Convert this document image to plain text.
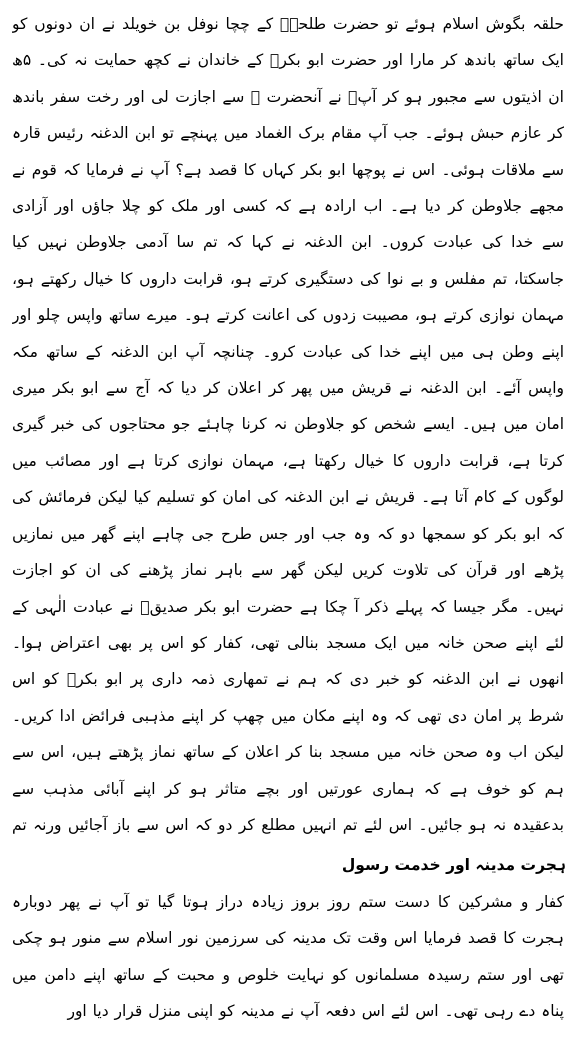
حلقہ بگوش اسلام ہوئے تو حضرت طلحہؓ کے چچا نوفل بن خویلد نے ان دونوں کو ایک ساتھ باندھ کر مارا اور حضرت ابو بکرؓ کے خاندان نے کچھ حمایت نہ کی۔ ۵ھ ان اذیتوں سے مجبور ہو کر آپؓ نے آنحضرت ﷺ سے اجازت لی اور رخت سفر باندھ کر عازم حبش ہوئے۔ جب آپ مقام برک الغماد میں پہنچے تو ابن الدغنہ رئیس قارہ سے ملاقات ہوئی۔ اس نے پوچھا ابو بکر کہاں کا قصد ہے؟ آپ نے فرمایا کہ قوم نے مجھے جلاوطن کر دیا ہے۔ اب ارادہ ہے کہ کسی اور ملک کو چلا جاؤں اور آزادی سے خدا کی عبادت کروں۔ ابن الدغنہ نے کہا کہ تم سا آدمی جلاوطن نہیں کیا جاسکتا، تم مفلس و بے نوا کی دستگیری کرتے ہو، قرابت داروں کا خیال رکھتے ہو، مہمان نوازی کرتے ہو، مصیبت زدوں کی اعانت کرتے ہو۔ میرے ساتھ واپس چلو اور اپنے وطن ہی میں اپنے خدا کی عبادت کرو۔ چنانچہ آپ ابن الدغنہ کے ساتھ مکہ واپس آئے۔ ابن الدغنہ نے قریش میں پھر کر اعلان کر دیا کہ آج سے ابو بکر میری امان میں ہیں۔ ایسے شخص کو جلاوطن نہ کرنا چاہئے جو محتاجوں کی خبر گیری کرتا ہے، قرابت داروں کا خیال رکھتا ہے، مہمان نوازی کرتا ہے اور مصائب میں لوگوں کے کام آتا ہے۔ قریش نے ابن الدغنہ کی امان کو تسلیم کیا لیکن فرمائش کی کہ ابو بکر کو سمجھا دو کہ وہ جب اور جس طرح جی چاہے اپنے گھر میں نمازیں پڑھے اور قرآن کی تلاوت کریں لیکن گھر سے باہر نماز پڑھنے کی ان کو اجازت نہیں۔ مگر جیسا کہ پہلے ذکر آ چکا ہے حضرت ابو بکر صدیقؓ نے عبادت الٰہی کے لئے اپنے صحن خانہ میں ایک مسجد بنالی تھی، کفار کو اس پر بھی اعتراض ہوا۔ انھوں نے ابن الدغنہ کو خبر دی کہ ہم نے تمھاری ذمہ داری پر ابو بکرؓ کو اس شرط پر امان دی تھی کہ وہ اپنے مکان میں چھپ کر اپنے مذہبی فرائض ادا کریں۔ لیکن اب وہ صحن خانہ میں مسجد بنا کر اعلان کے ساتھ نماز پڑھتے ہیں، اس سے ہم کو خوف ہے کہ ہماری عورتیں اور بچے متاثر ہو کر اپنے آبائی مذہب سے بدعقیدہ نہ ہو جائیں۔ اس لئے تم انہیں مطلع کر دو کہ اس سے باز آجائیں ورنہ تم

ہجرت مدینہ اور خدمت رسول

کفار و مشرکین کا دست ستم روز بروز زیادہ دراز ہوتا گیا تو آپ نے پھر دوبارہ ہجرت کا قصد فرمایا اس وقت تک مدینہ کی سرزمین نور اسلام سے منور ہو چکی تھی اور ستم رسیدہ مسلمانوں کو نہایت خلوص و محبت کے ساتھ اپنے دامن میں پناہ دے رہی تھی۔ اس لئے اس دفعہ آپ نے مدینہ کو اپنی منزل قرار دیا اور
